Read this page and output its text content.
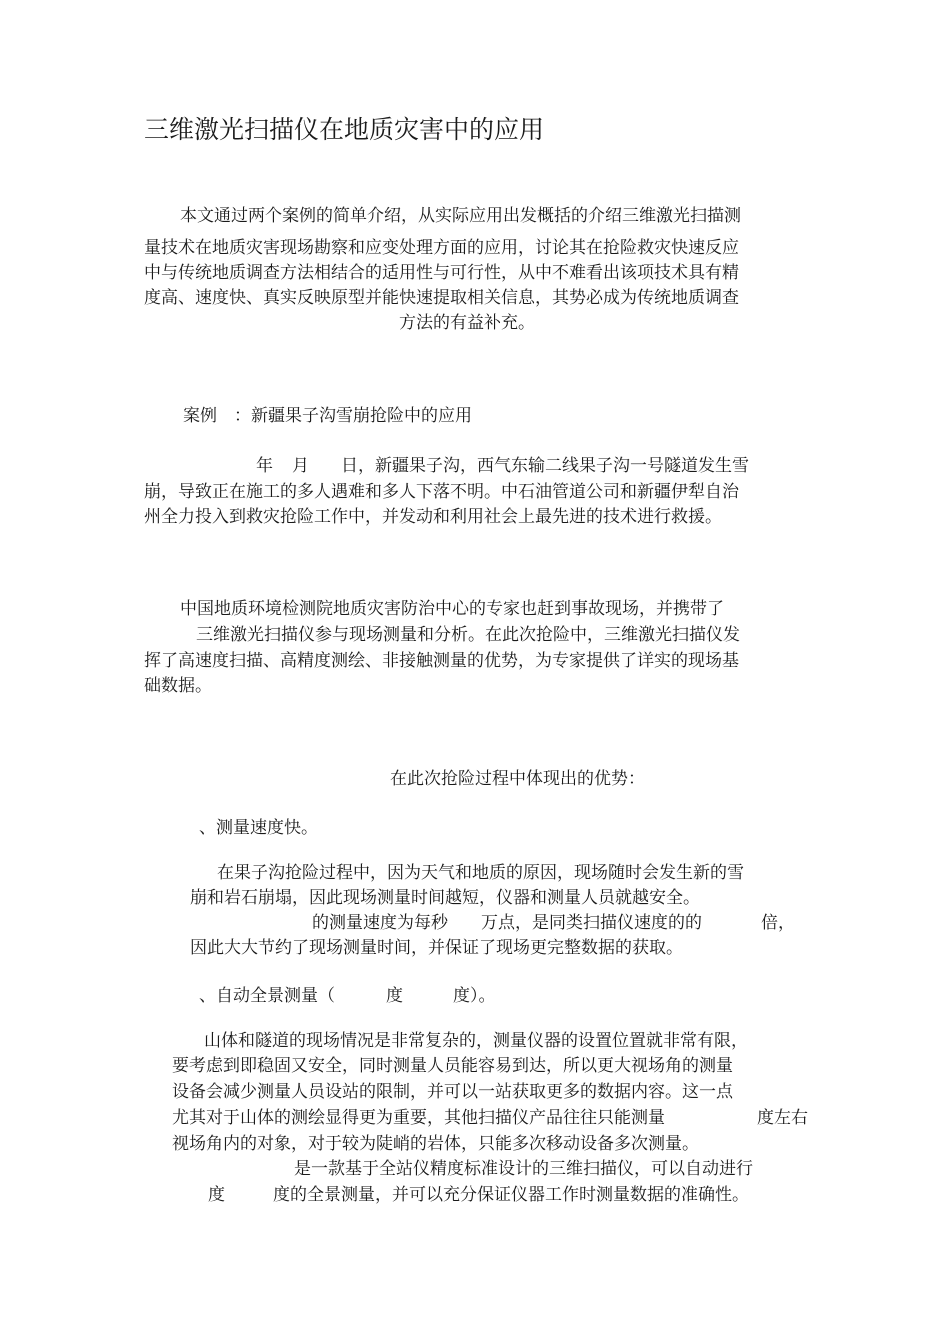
三维激光扫描仪在地质灾害中的应用
本文通过两个案例的简单介绍，从实际应用出发概括的介绍三维激光扫描测
量技术在地质灾害现场勘察和应变处理方面的应用，讨论其在抢险救灾快速反应
中与传统地质调查方法相结合的适用性与可行性，从中不难看出该项技术具有精
度高、速度快、真实反映原型并能快速提取相关信息，其势必成为传统地质调查
方法的有益补充。
案例 ：新疆果子沟雪崩抢险中的应用
年 月 日，新疆果子沟，西气东输二线果子沟一号隧道发生雪
崩，导致正在施工的多人遇难和多人下落不明。中石油管道公司和新疆伊犁自治
州全力投入到救灾抢险工作中，并发动和利用社会上最先进的技术进行救援。
中国地质环境检测院地质灾害防治中心的专家也赶到事故现场，并携带了
三维激光扫描仪参与现场测量和分析。在此次抢险中，三维激光扫描仪发
挥了高速度扫描、高精度测绘、非接触测量的优势，为专家提供了详实的现场基
础数据。
在此次抢险过程中体现出的优势：
、测量速度快。
在果子沟抢险过程中，因为天气和地质的原因，现场随时会发生新的雪
崩和岩石崩塌，因此现场测量时间越短，仪器和测量人员就越安全。
的测量速度为每秒 万点，是同类扫描仪速度的的	倍，
因此大大节约了现场测量时间，并保证了现场更完整数据的获取。
、自动全景测量（	度	度）。
山体和隧道的现场情况是非常复杂的，测量仪器的设置位置就非常有限，
要考虑到即稳固又安全，同时测量人员能容易到达，所以更大视场角的测量
设备会减少测量人员设站的限制，并可以一站获取更多的数据内容。这一点
尤其对于山体的测绘显得更为重要，其他扫描仪产品往往只能测量	度左右
视场角内的对象，对于较为陡峭的岩体，只能多次移动设备多次测量。
是一款基于全站仪精度标准设计的三维扫描仪，可以自动进行
度	度的全景测量，并可以充分保证仪器工作时测量数据的准确性。
